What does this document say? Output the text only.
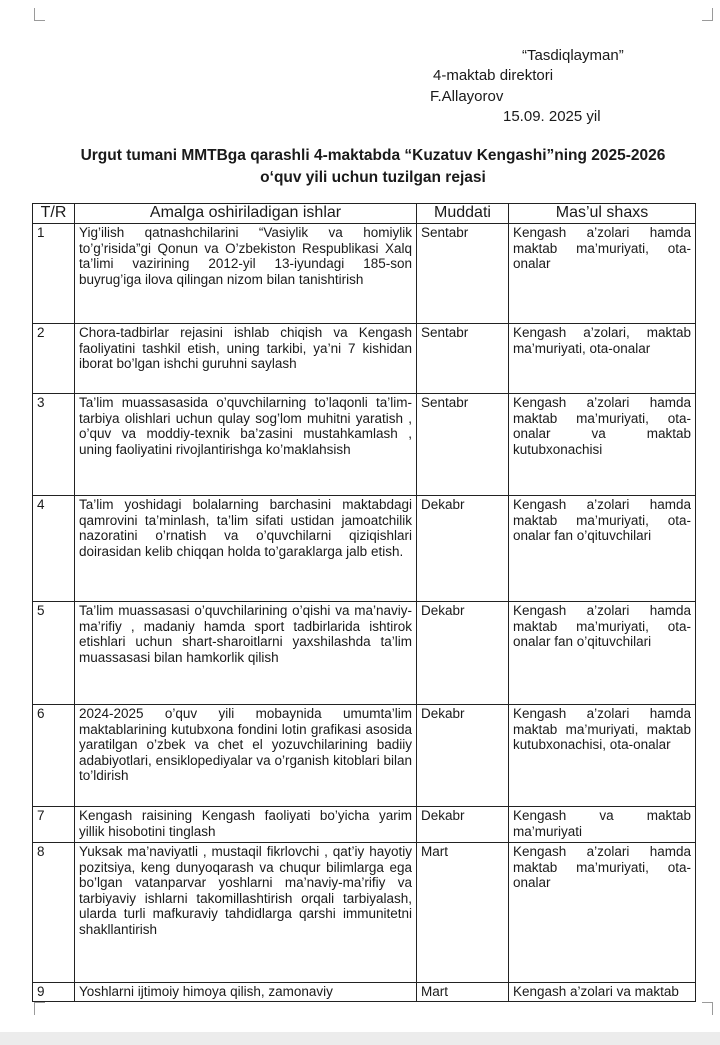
“Tasdiqlayman”
4-maktab direktori
F.Allayorov
15.09. 2025 yil
Urgut tumani MMTBga qarashli 4-maktabda “Kuzatuv Kengashi”ning 2025-2026
o‘quv yili uchun tuzilgan rejasi
T/R	Amalga oshiriladigan ishlar	Muddati	Mas’ul shaxs
1	Yig’ilish qatnashchilarini “Vasiylik va homiylik to’g’risida”gi Qonun va O’zbekiston Respublikasi Xalq ta’limi vazirining 2012-yil 13-iyundagi 185-son buyrug’iga ilova qilingan nizom bilan tanishtirish	Sentabr	Kengash a’zolari hamda maktab ma’muriyati, ota-onalar
2	Chora-tadbirlar rejasini ishlab chiqish va Kengash faoliyatini tashkil etish, uning tarkibi, ya’ni 7 kishidan iborat bo’lgan ishchi guruhni saylash	Sentabr	Kengash a’zolari, maktab ma’muriyati, ota-onalar
3	Ta’lim muassasasida o’quvchilarning to’laqonli ta’lim-tarbiya olishlari uchun qulay sog’lom muhitni yaratish , o’quv va moddiy-texnik ba’zasini mustahkamlash , uning faoliyatini rivojlantirishga ko’maklahsish	Sentabr	Kengash a’zolari hamda maktab ma’muriyati, ota-onalar va maktab kutubxonachisi
4	Ta’lim yoshidagi bolalarning barchasini maktabdagi qamrovini ta’minlash, ta’lim sifati ustidan jamoatchilik nazoratini o’rnatish va o’quvchilarni qiziqishlari doirasidan kelib chiqqan holda to’garaklarga jalb etish.	Dekabr	Kengash a’zolari hamda maktab ma’muriyati, ota-onalar fan o’qituvchilari
5	Ta’lim muassasasi o’quvchilarining o’qishi va ma’naviy-ma’rifiy , madaniy hamda sport tadbirlarida ishtirok etishlari uchun shart-sharoitlarni yaxshilashda ta’lim muassasasi bilan hamkorlik qilish	Dekabr	Kengash a’zolari hamda maktab ma’muriyati, ota-onalar fan o’qituvchilari
6	2024-2025 o’quv yili mobaynida umumta’lim maktablarining kutubxona fondini lotin grafikasi asosida yaratilgan o’zbek va chet el yozuvchilarining badiiy adabiyotlari, ensiklopediyalar va o’rganish kitoblari bilan to’ldirish	Dekabr	Kengash a’zolari hamda maktab ma’muriyati, maktab kutubxonachisi, ota-onalar
7	Kengash raisining Kengash faoliyati bo’yicha yarim yillik hisobotini tinglash	Dekabr	Kengash va maktab ma’muriyati
8	Yuksak ma’naviyatli , mustaqil fikrlovchi , qat’iy hayotiy pozitsiya, keng dunyoqarash va chuqur bilimlarga ega bo’lgan vatanparvar yoshlarni ma’naviy-ma’rifiy va tarbiyaviy ishlarni takomillashtirish orqali tarbiyalash, ularda turli mafkuraviy tahdidlarga qarshi immunitetni shakllantirish	Mart	Kengash a’zolari hamda maktab ma’muriyati, ota-onalar
9	Yoshlarni ijtimoiy himoya qilish, zamonaviy	Mart	Kengash a’zolari va maktab
